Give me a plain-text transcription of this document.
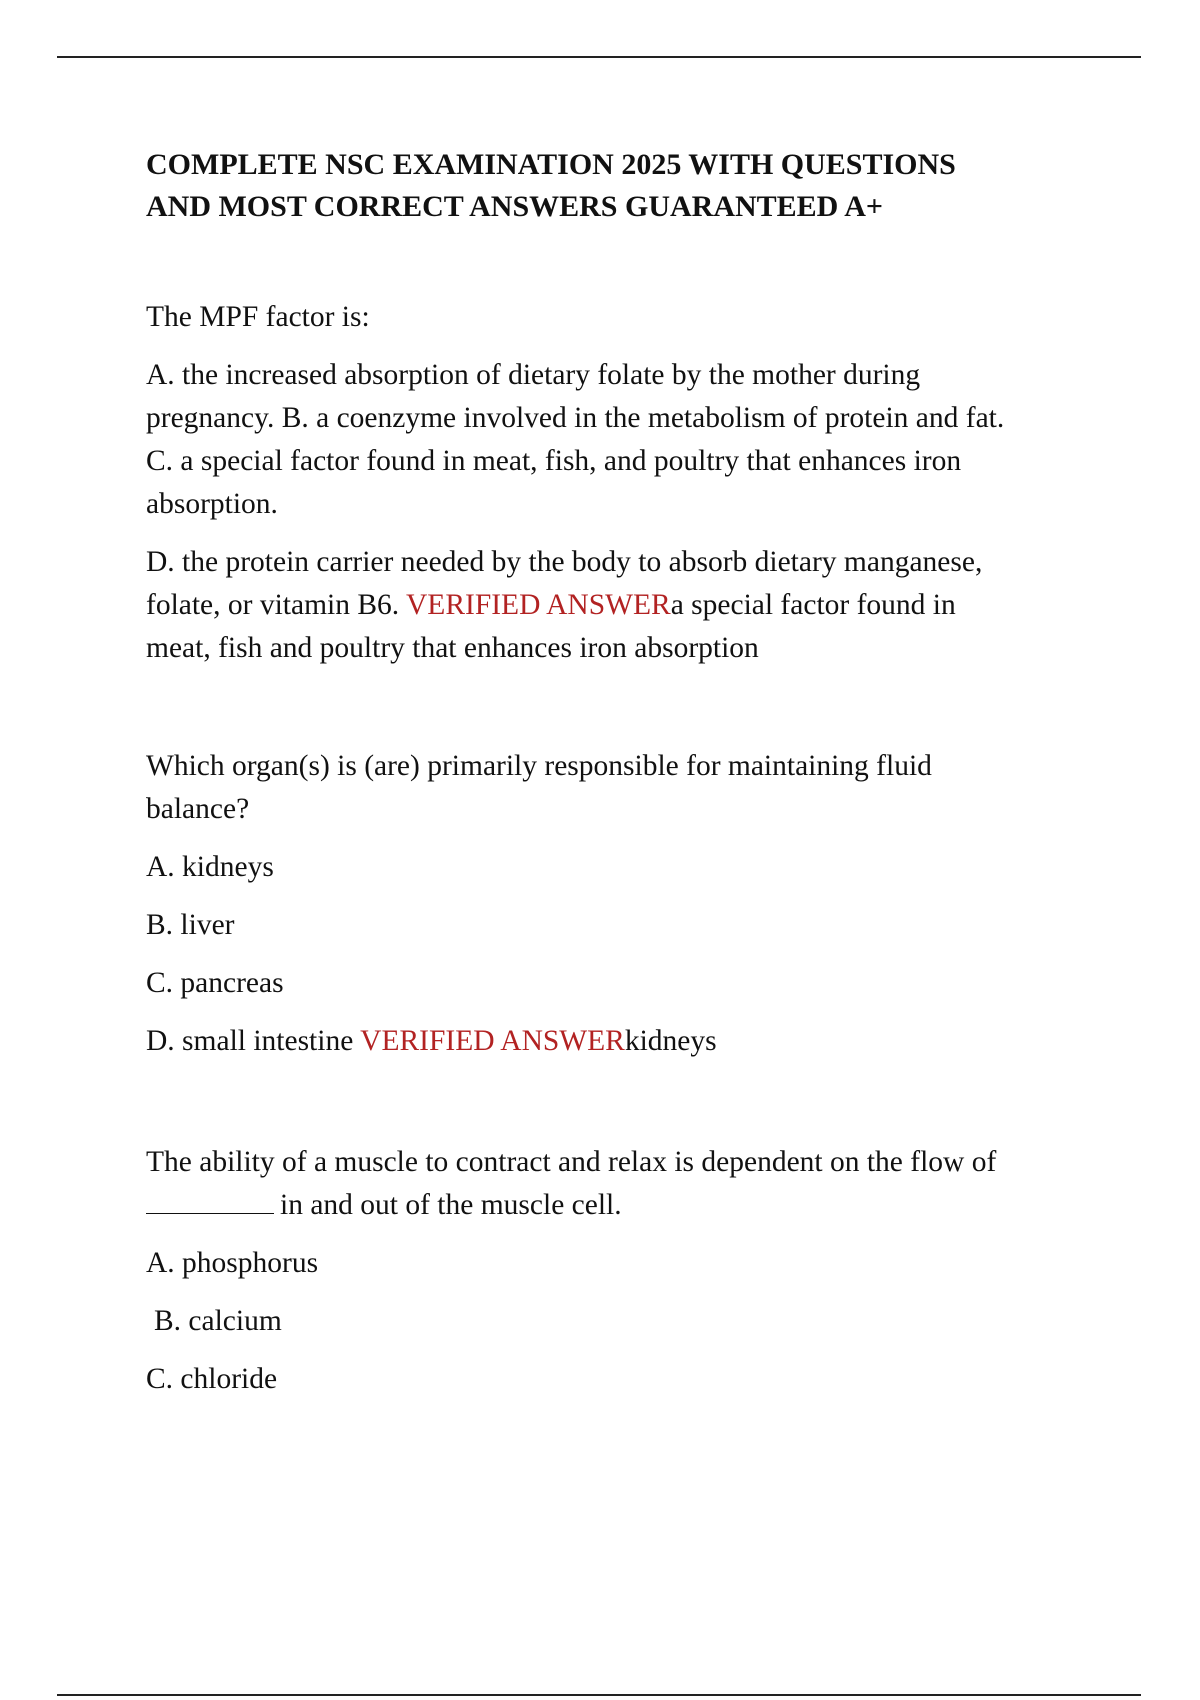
COMPLETE NSC EXAMINATION 2025 WITH QUESTIONS
AND MOST CORRECT ANSWERS GUARANTEED A+

The MPF factor is:

A. the increased absorption of dietary folate by the mother during

pregnancy. B. a coenzyme involved in the metabolism of protein and fat.

C. a special factor found in meat, fish, and poultry that enhances iron

absorption.

D. the protein carrier needed by the body to absorb dietary manganese,

folate, or vitamin B6. VERIFIED ANSWERa special factor found in

meat, fish and poultry that enhances iron absorption

Which organ(s) is (are) primarily responsible for maintaining fluid

balance?

A. kidneys

B. liver

C. pancreas

D. small intestine VERIFIED ANSWERkidneys

The ability of a muscle to contract and relax is dependent on the flow of

in and out of the muscle cell.

A. phosphorus

B. calcium

C. chloride
